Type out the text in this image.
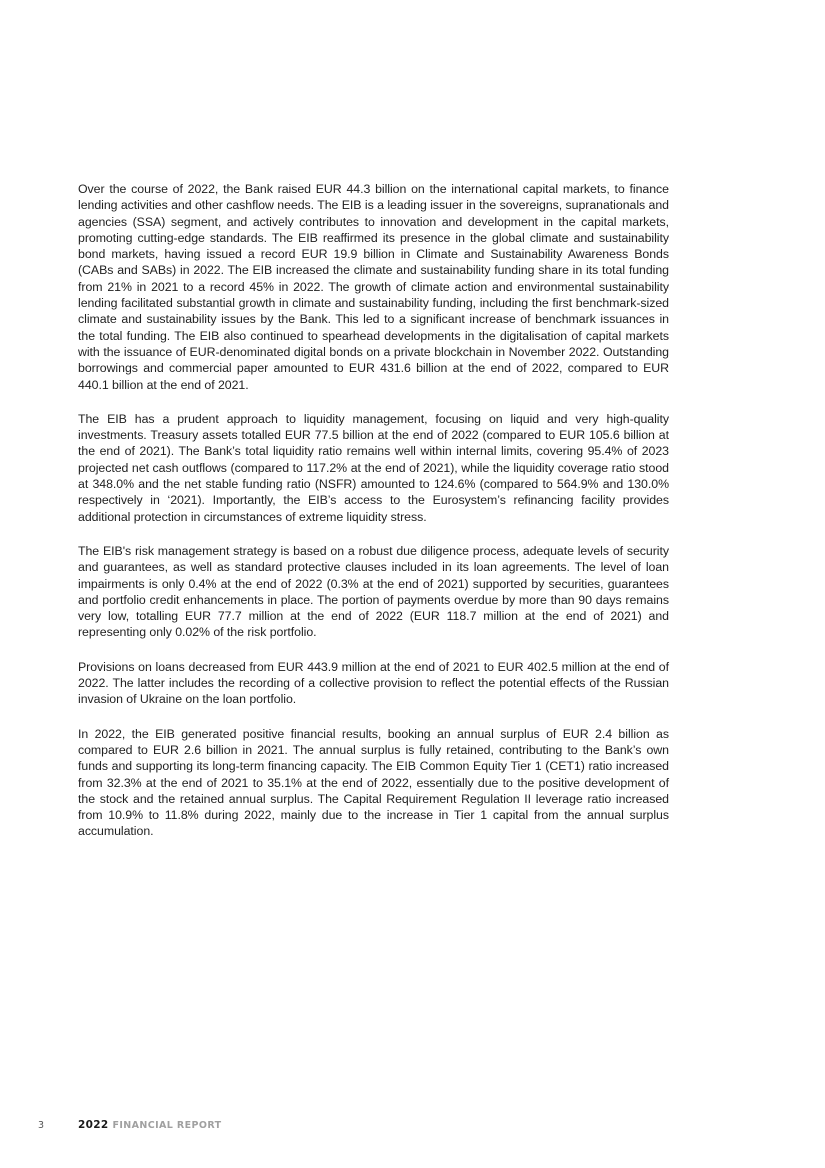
Over the course of 2022, the Bank raised EUR 44.3 billion on the international capital markets, to finance lending activities and other cashflow needs. The EIB is a leading issuer in the sovereigns, supranationals and agencies (SSA) segment, and actively contributes to innovation and development in the capital markets, promoting cutting-edge standards. The EIB reaffirmed its presence in the global climate and sustainability bond markets, having issued a record EUR 19.9 billion in Climate and Sustainability Awareness Bonds (CABs and SABs) in 2022. The EIB increased the climate and sustainability funding share in its total funding from 21% in 2021 to a record 45% in 2022. The growth of climate action and environmental sustainability lending facilitated substantial growth in climate and sustainability funding, including the first benchmark-sized climate and sustainability issues by the Bank. This led to a significant increase of benchmark issuances in the total funding. The EIB also continued to spearhead developments in the digitalisation of capital markets with the issuance of EUR-denominated digital bonds on a private blockchain in November 2022. Outstanding borrowings and commercial paper amounted to EUR 431.6 billion at the end of 2022, compared to EUR 440.1 billion at the end of 2021.

The EIB has a prudent approach to liquidity management, focusing on liquid and very high-quality investments. Treasury assets totalled EUR 77.5 billion at the end of 2022 (compared to EUR 105.6 billion at the end of 2021). The Bank’s total liquidity ratio remains well within internal limits, covering 95.4% of 2023 projected net cash outflows (compared to 117.2% at the end of 2021), while the liquidity coverage ratio stood at 348.0% and the net stable funding ratio (NSFR) amounted to 124.6% (compared to 564.9% and 130.0% respectively in ‘2021). Importantly, the EIB’s access to the Eurosystem’s refinancing facility provides additional protection in circumstances of extreme liquidity stress.

The EIB's risk management strategy is based on a robust due diligence process, adequate levels of security and guarantees, as well as standard protective clauses included in its loan agreements. The level of loan impairments is only 0.4% at the end of 2022 (0.3% at the end of 2021) supported by securities, guarantees and portfolio credit enhancements in place. The portion of payments overdue by more than 90 days remains very low, totalling EUR 77.7 million at the end of 2022 (EUR 118.7 million at the end of 2021) and representing only 0.02% of the risk portfolio.

Provisions on loans decreased from EUR 443.9 million at the end of 2021 to EUR 402.5 million at the end of 2022. The latter includes the recording of a collective provision to reflect the potential effects of the Russian invasion of Ukraine on the loan portfolio.

In 2022, the EIB generated positive financial results, booking an annual surplus of EUR 2.4 billion as compared to EUR 2.6 billion in 2021. The annual surplus is fully retained, contributing to the Bank’s own funds and supporting its long-term financing capacity. The EIB Common Equity Tier 1 (CET1) ratio increased from 32.3% at the end of 2021 to 35.1% at the end of 2022, essentially due to the positive development of the stock and the retained annual surplus. The Capital Requirement Regulation II leverage ratio increased from 10.9% to 11.8% during 2022, mainly due to the increase in Tier 1 capital from the annual surplus accumulation.

3	2022 FINANCIAL REPORT
